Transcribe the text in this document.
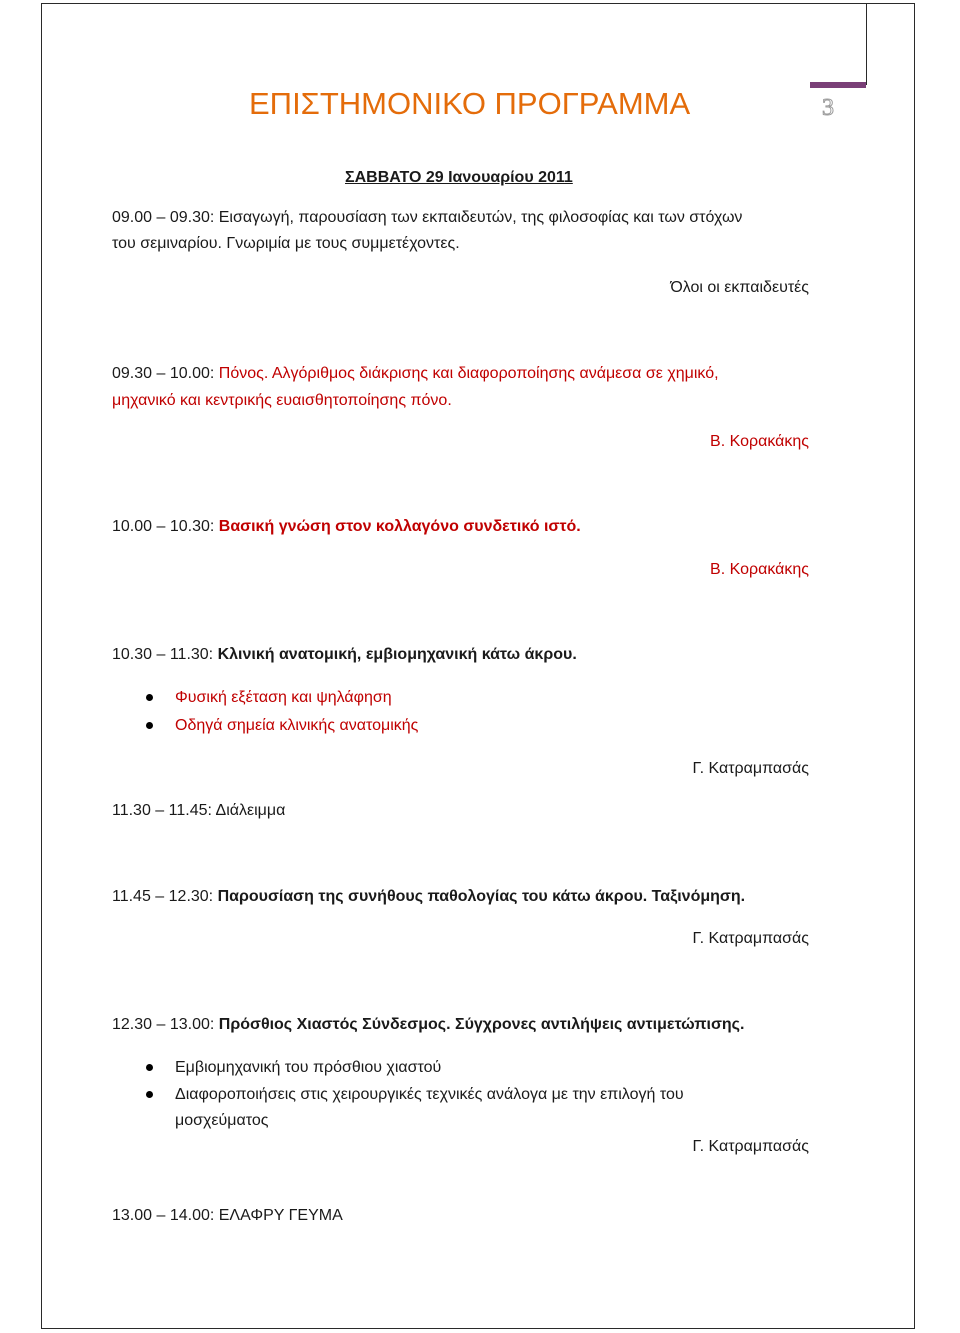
3
ΕΠΙΣΤΗΜΟΝΙΚΟ ΠΡΟΓΡΑΜΜΑ
ΣΑΒΒΑΤΟ 29 Ιανουαρίου 2011
09.00 – 09.30: Εισαγωγή, παρουσίαση των εκπαιδευτών, της φιλοσοφίας και των στόχων
του σεμιναρίου. Γνωριμία με τους συμμετέχοντες.
Όλοι οι εκπαιδευτές
09.30 – 10.00: Πόνος. Αλγόριθμος διάκρισης και διαφοροποίησης ανάμεσα σε χημικό,
μηχανικό και κεντρικής ευαισθητοποίησης πόνο.
Β. Κορακάκης
10.00 – 10.30: Βασική γνώση στον κολλαγόνο συνδετικό ιστό.
Β. Κορακάκης
10.30 – 11.30: Κλινική ανατομική, εμβιομηχανική κάτω άκρου.
Φυσική εξέταση και ψηλάφηση
Οδηγά σημεία κλινικής ανατομικής
Γ. Κατραμπασάς
11.30 – 11.45: Διάλειμμα
11.45 – 12.30: Παρουσίαση της συνήθους παθολογίας του κάτω άκρου. Ταξινόμηση.
Γ. Κατραμπασάς
12.30 – 13.00: Πρόσθιος Χιαστός Σύνδεσμος. Σύγχρονες αντιλήψεις αντιμετώπισης.
Εμβιομηχανική του πρόσθιου χιαστού
Διαφοροποιήσεις στις χειρουργικές τεχνικές ανάλογα με την επιλογή του
μοσχεύματος
Γ. Κατραμπασάς
13.00 – 14.00: ΕΛΑΦΡΥ ΓΕΥΜΑ
